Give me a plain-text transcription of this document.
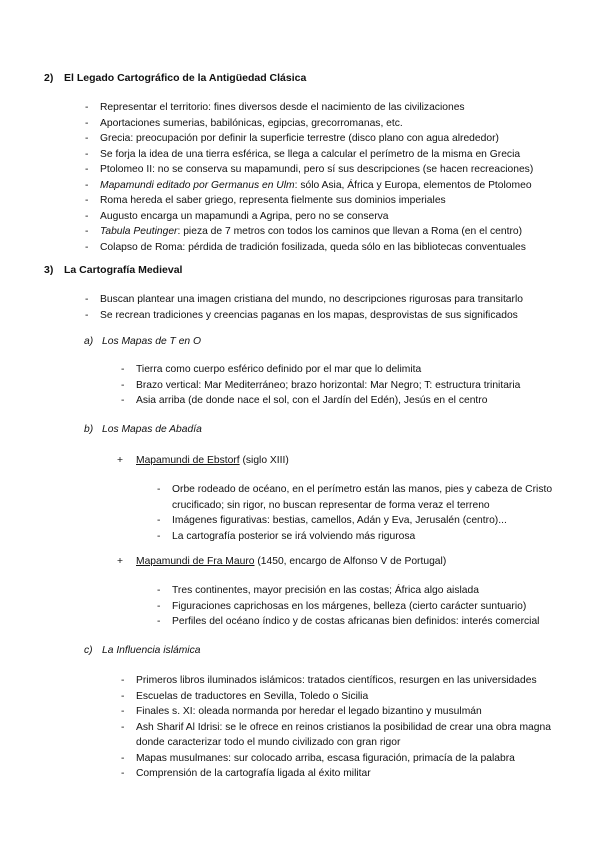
2) El Legado Cartográfico de la Antigüedad Clásica
- Representar el territorio: fines diversos desde el nacimiento de las civilizaciones
- Aportaciones sumerias, babilónicas, egipcias, grecorromanas, etc.
- Grecia: preocupación por definir la superficie terrestre (disco plano con agua alrededor)
- Se forja la idea de una tierra esférica, se llega a calcular el perímetro de la misma en Grecia
- Ptolomeo II: no se conserva su mapamundi, pero sí sus descripciones (se hacen recreaciones)
- Mapamundi editado por Germanus en Ulm: sólo Asia, África y Europa, elementos de Ptolomeo
- Roma hereda el saber griego, representa fielmente sus dominios imperiales
- Augusto encarga un mapamundi a Agripa, pero no se conserva
- Tabula Peutinger: pieza de 7 metros con todos los caminos que llevan a Roma (en el centro)
- Colapso de Roma: pérdida de tradición fosilizada, queda sólo en las bibliotecas conventuales
3) La Cartografía Medieval
- Buscan plantear una imagen cristiana del mundo, no descripciones rigurosas para transitarlo
- Se recrean tradiciones y creencias paganas en los mapas, desprovistas de sus significados
a) Los Mapas de T en O
- Tierra como cuerpo esférico definido por el mar que lo delimita
- Brazo vertical: Mar Mediterráneo; brazo horizontal: Mar Negro; T: estructura trinitaria
- Asia arriba (de donde nace el sol, con el Jardín del Edén), Jesús en el centro
b) Los Mapas de Abadía
+ Mapamundi de Ebstorf (siglo XIII)
- Orbe rodeado de océano, en el perímetro están las manos, pies y cabeza de Cristo crucificado; sin rigor, no buscan representar de forma veraz el terreno
- Imágenes figurativas: bestias, camellos, Adán y Eva, Jerusalén (centro)...
- La cartografía posterior se irá volviendo más rigurosa
+ Mapamundi de Fra Mauro (1450, encargo de Alfonso V de Portugal)
- Tres continentes, mayor precisión en las costas; África algo aislada
- Figuraciones caprichosas en los márgenes, belleza (cierto carácter suntuario)
- Perfiles del océano índico y de costas africanas bien definidos: interés comercial
c) La Influencia islámica
- Primeros libros iluminados islámicos: tratados científicos, resurgen en las universidades
- Escuelas de traductores en Sevilla, Toledo o Sicilia
- Finales s. XI: oleada normanda por heredar el legado bizantino y musulmán
- Ash Sharif Al Idrisi: se le ofrece en reinos cristianos la posibilidad de crear una obra magna donde caracterizar todo el mundo civilizado con gran rigor
- Mapas musulmanes: sur colocado arriba, escasa figuración, primacía de la palabra
- Comprensión de la cartografía ligada al éxito militar
